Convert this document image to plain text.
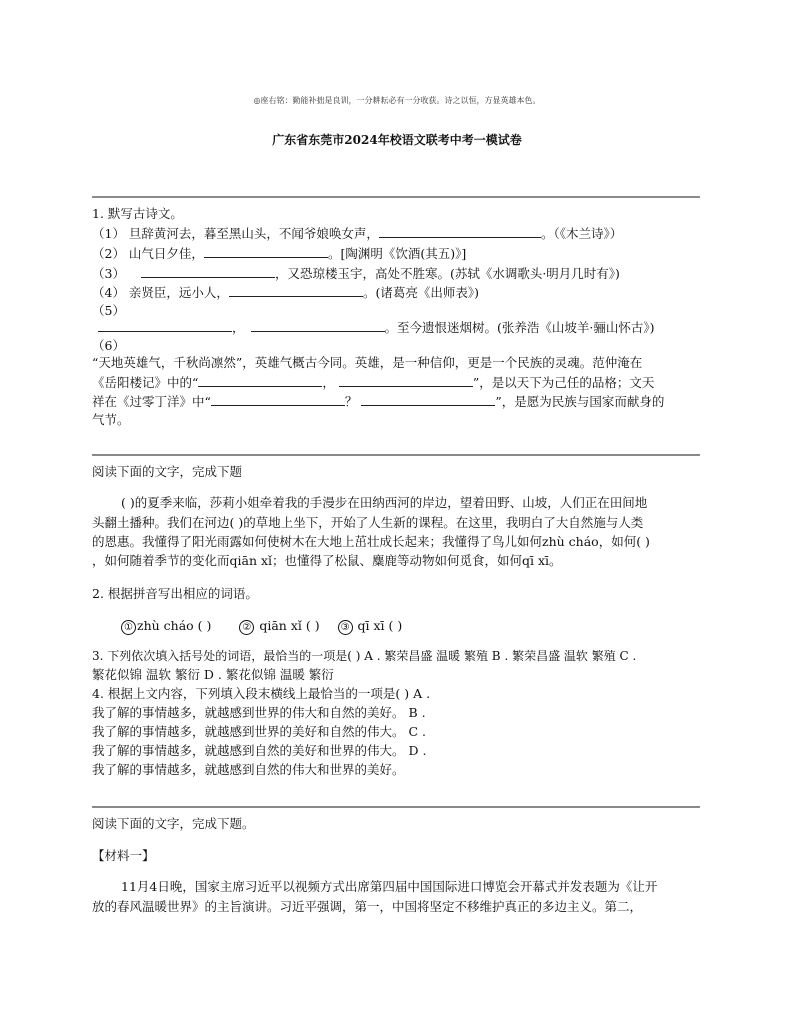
◎座右铭：勤能补拙是良训，一分耕耘必有一分收获。诗之以恒，方显英雄本色。
广东省东莞市2024年校语文联考中考一模试卷
1. 默写古诗文。
（1） 旦辞黄河去，暮至黑山头，不闻爷娘唤女声，	。（《木兰诗》）
（2） 山气日夕佳，	。[陶渊明《饮酒(其五)》]
（3）	，又恐琼楼玉宇，高处不胜寒。(苏轼《水调歌头·明月几时有》)
（4） 亲贤臣，远小人，	。(诸葛亮《出师表》)
（5）
，	。至今遗恨迷烟树。(张养浩《山坡羊·骊山怀古》)
（6）
“天地英雄气，千秋尚凛然”，英雄气概古今同。英雄，是一种信仰，更是一个民族的灵魂。范仲淹在
《岳阳楼记》中的“	，	”，是以天下为己任的品格；文天
祥在《过零丁洋》中“	？	”，是愿为民族与国家而献身的
气节。
阅读下面的文字，完成下题
( )的夏季来临，莎莉小姐牵着我的手漫步在田纳西河的岸边，望着田野、山坡，人们正在田间地
头翻土播种。我们在河边( )的草地上坐下，开始了人生新的课程。在这里，我明白了大自然施与人类
的恩惠。我懂得了阳光雨露如何使树木在大地上茁壮成长起来；我懂得了鸟儿如何zhù cháo，如何( )
，如何随着季节的变化而qiān xǐ；也懂得了松鼠、麋鹿等动物如何觅食，如何qī xī。
2. 根据拼音写出相应的词语。
① zhù cháo ( )	② qiān xǐ ( ) ③ qī xī ( )
3. 下列依次填入括号处的词语，最恰当的一项是( ) A . 繁荣昌盛 温暖 繁殖 B . 繁荣昌盛 温软 繁殖 C .
繁花似锦 温软 繁衍 D . 繁花似锦 温暖 繁衍
4. 根据上文内容，下列填入段末横线上最恰当的一项是( ) A .
我了解的事情越多，就越感到世界的伟大和自然的美好。 B .
我了解的事情越多，就越感到世界的美好和自然的伟大。 C .
我了解的事情越多，就越感到自然的美好和世界的伟大。 D .
我了解的事情越多，就越感到自然的伟大和世界的美好。
阅读下面的文字，完成下题。
【材料一】
11月4日晚，国家主席习近平以视频方式出席第四届中国国际进口博览会开幕式并发表题为《让开
放的春风温暖世界》的主旨演讲。习近平强调，第一，中国将坚定不移维护真正的多边主义。第二，
